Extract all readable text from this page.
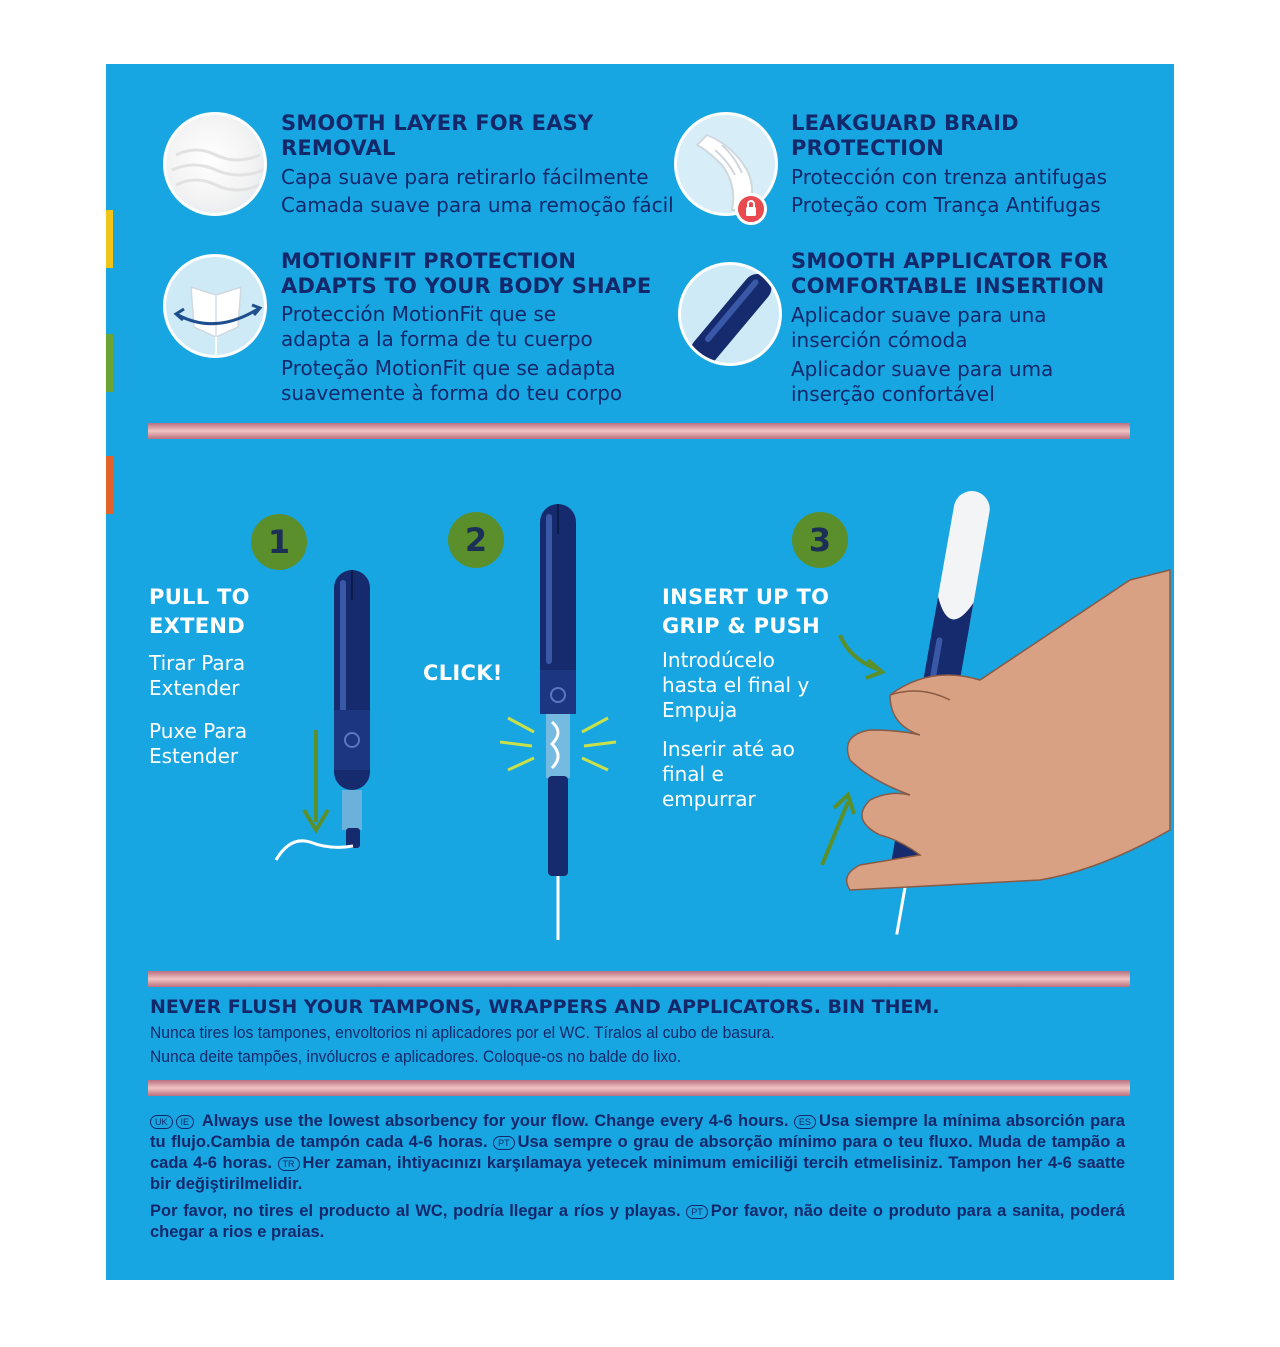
SMOOTH LAYER FOR EASY
REMOVAL
Capa suave para retirarlo fácilmente
Camada suave para uma remoção fácil
LEAKGUARD BRAID
PROTECTION
Protección con trenza antifugas
Proteção com Trança Antifugas
MOTIONFIT PROTECTION
ADAPTS TO YOUR BODY SHAPE
Protección MotionFit que se
adapta a la forma de tu cuerpo
Proteção MotionFit que se adapta
suavemente à forma do teu corpo
SMOOTH APPLICATOR FOR
COMFORTABLE INSERTION
Aplicador suave para una
inserción cómoda
Aplicador suave para uma
inserção confortável
1	2	3
PULL TO
EXTEND
Tirar Para
Extender
Puxe Para
Estender
CLICK!
INSERT UP TO
GRIP & PUSH
Introdúcelo
hasta el final y
Empuja
Inserir até ao
final e
empurrar
NEVER FLUSH YOUR TAMPONS, WRAPPERS AND APPLICATORS. BIN THEM.
Nunca tires los tampones, envoltorios ni aplicadores por el WC. Tíralos al cubo de basura.
Nunca deite tampões, invólucros e aplicadores. Coloque-os no balde do lixo.
UK IE Always use the lowest absorbency for your flow. Change every 4-6 hours. ES Usa siempre la mínima absorción para tu flujo.Cambia de tampón cada 4-6 horas. PT Usa sempre o grau de absorção mínimo para o teu fluxo. Muda de tampão a cada 4-6 horas. TR Her zaman, ihtiyacınızı karşılamaya yetecek minimum emiciliği tercih etmelisiniz. Tampon her 4-6 saatte bir değiştirilmelidir.
Por favor, no tires el producto al WC, podría llegar a ríos y playas. PT Por favor, não deite o produto para a sanita, poderá chegar a rios e praias.
